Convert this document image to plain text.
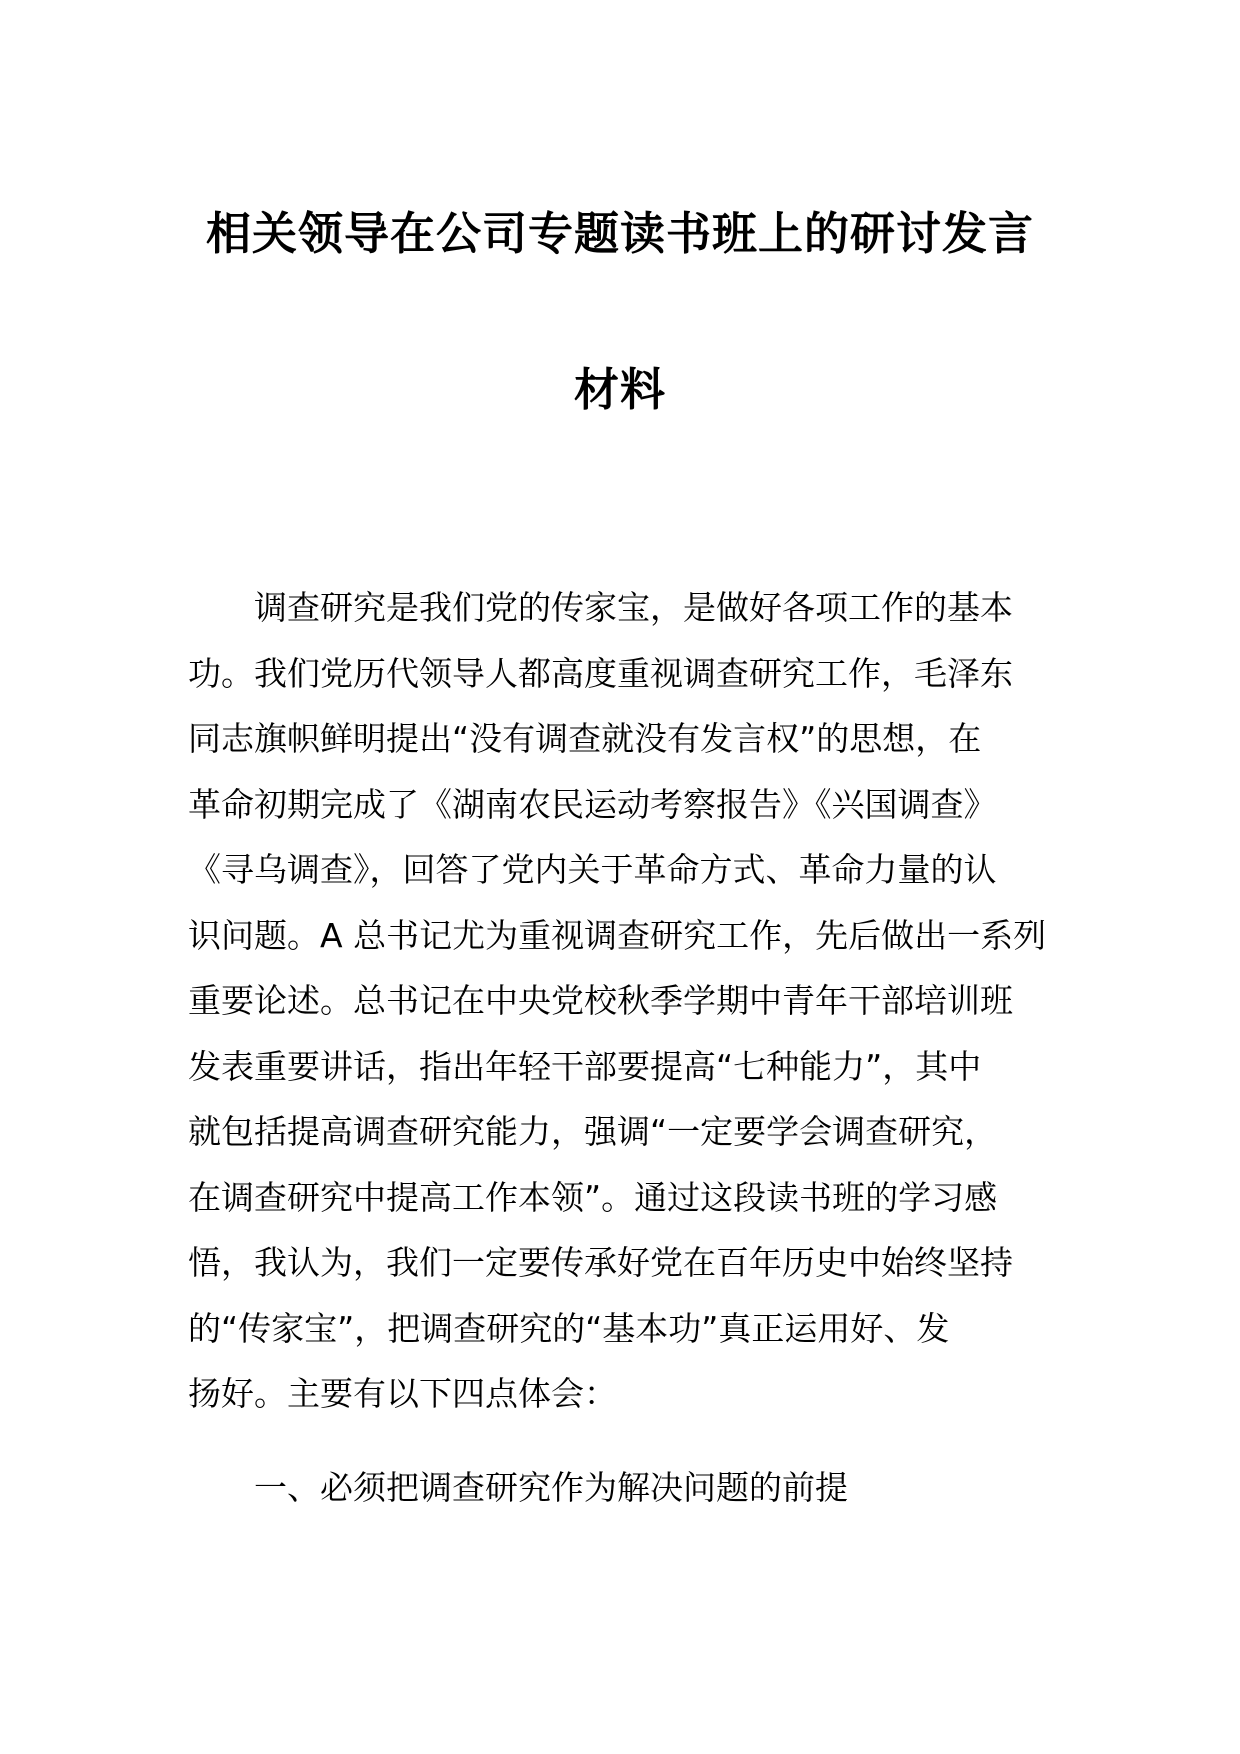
相关领导在公司专题读书班上的研讨发言
材料
调查研究是我们党的传家宝，是做好各项工作的基本
功。我们党历代领导人都高度重视调查研究工作，毛泽东
同志旗帜鲜明提出“没有调查就没有发言权”的思想，在
革命初期完成了《湖南农民运动考察报告》《兴国调查》
《寻乌调查》，回答了党内关于革命方式、革命力量的认
识问题。A 总书记尤为重视调查研究工作，先后做出一系列
重要论述。总书记在中央党校秋季学期中青年干部培训班
发表重要讲话，指出年轻干部要提高“七种能力”，其中
就包括提高调查研究能力，强调“一定要学会调查研究，
在调查研究中提高工作本领”。通过这段读书班的学习感
悟，我认为，我们一定要传承好党在百年历史中始终坚持
的“传家宝”，把调查研究的“基本功”真正运用好、发
扬好。主要有以下四点体会：
一、必须把调查研究作为解决问题的前提
